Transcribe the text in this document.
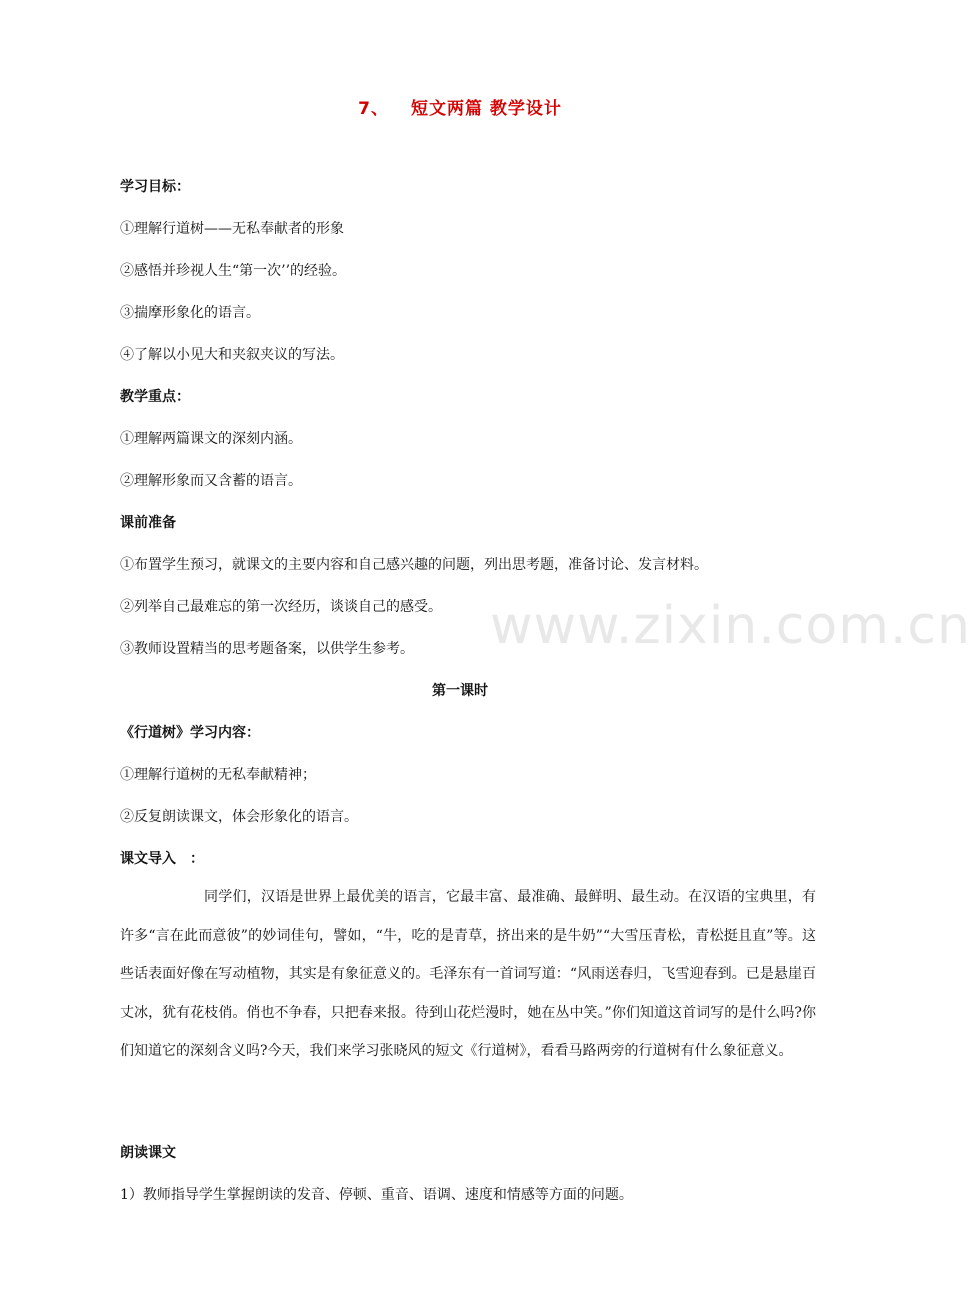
www.zixin.com.cn
7、 短文两篇 教学设计
学习目标：
①理解行道树——无私奉献者的形象
②感悟并珍视人生“第一次’’的经验。
③揣摩形象化的语言。
④了解以小见大和夹叙夹议的写法。
教学重点：
①理解两篇课文的深刻内涵。
②理解形象而又含蓄的语言。
课前准备
①布置学生预习，就课文的主要内容和自己感兴趣的问题，列出思考题，准备讨论、发言材料。
②列举自己最难忘的第一次经历，谈谈自己的感受。
③教师设置精当的思考题备案，以供学生参考。
第一课时
《行道树》学习内容：
①理解行道树的无私奉献精神；
②反复朗读课文，体会形象化的语言。
课文导入　：

同学们，汉语是世界上最优美的语言，它最丰富、最准确、最鲜明、最生动。在汉语的宝典里，有许多“言在此而意彼”的妙词佳句，譬如，“牛，吃的是青草，挤出来的是牛奶”“大雪压青松，青松挺且直”等。这些话表面好像在写动植物，其实是有象征意义的。毛泽东有一首词写道：“风雨送春归，飞雪迎春到。已是悬崖百丈冰，犹有花枝俏。俏也不争春，只把春来报。待到山花烂漫时，她在丛中笑。”你们知道这首词写的是什么吗?你们知道它的深刻含义吗?今天，我们来学习张晓风的短文《行道树》，看看马路两旁的行道树有什么象征意义。

朗读课文
1）教师指导学生掌握朗读的发音、停顿、重音、语调、速度和情感等方面的问题。
